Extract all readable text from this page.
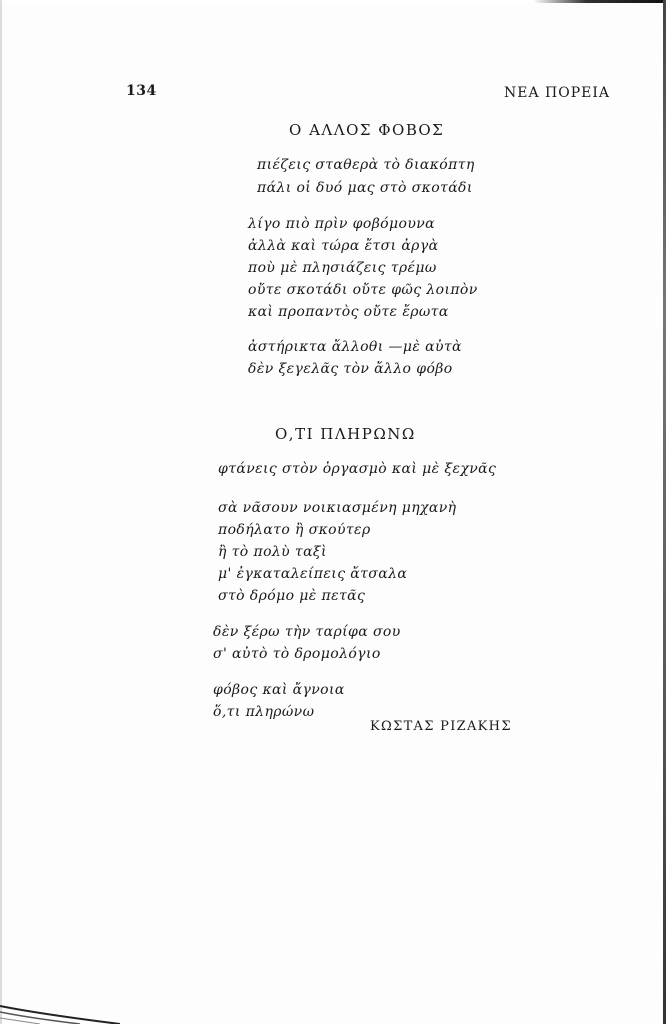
134	ΝΕΑ ΠΟΡΕΙΑ
Ο ΑΛΛΟΣ ΦΟΒΟΣ
πιέζεις σταθερὰ τὸ διακόπτη
πάλι οἱ δυό μας στὸ σκοτάδι
λίγο πιὸ πρὶν φοβόμουνα
ἀλλὰ καὶ τώρα ἔτσι ἀργὰ
ποὺ μὲ πλησιάζεις τρέμω
οὔτε σκοτάδι οὔτε φῶς λοιπὸν
καὶ προπαντὸς οὔτε ἔρωτα
ἀστήρικτα ἄλλοθι —μὲ αὐτὰ
δὲν ξεγελᾶς τὸν ἄλλο φόβο
Ο,ΤΙ ΠΛΗΡΩΝΩ
φτάνεις στὸν ὀργασμὸ καὶ μὲ ξεχνᾶς
σὰ νᾶσουν νοικιασμένη μηχανὴ
ποδήλατο ἢ σκούτερ
ἢ τὸ πολὺ ταξὶ
μ' ἐγκαταλείπεις ἄτσαλα
στὸ δρόμο μὲ πετᾶς
δὲν ξέρω τὴν ταρίφα σου
σ' αὐτὸ τὸ δρομολόγιο
φόβος καὶ ἄγνοια
ὅ,τι πληρώνω
ΚΩΣΤΑΣ ΡΙΖΑΚΗΣ
